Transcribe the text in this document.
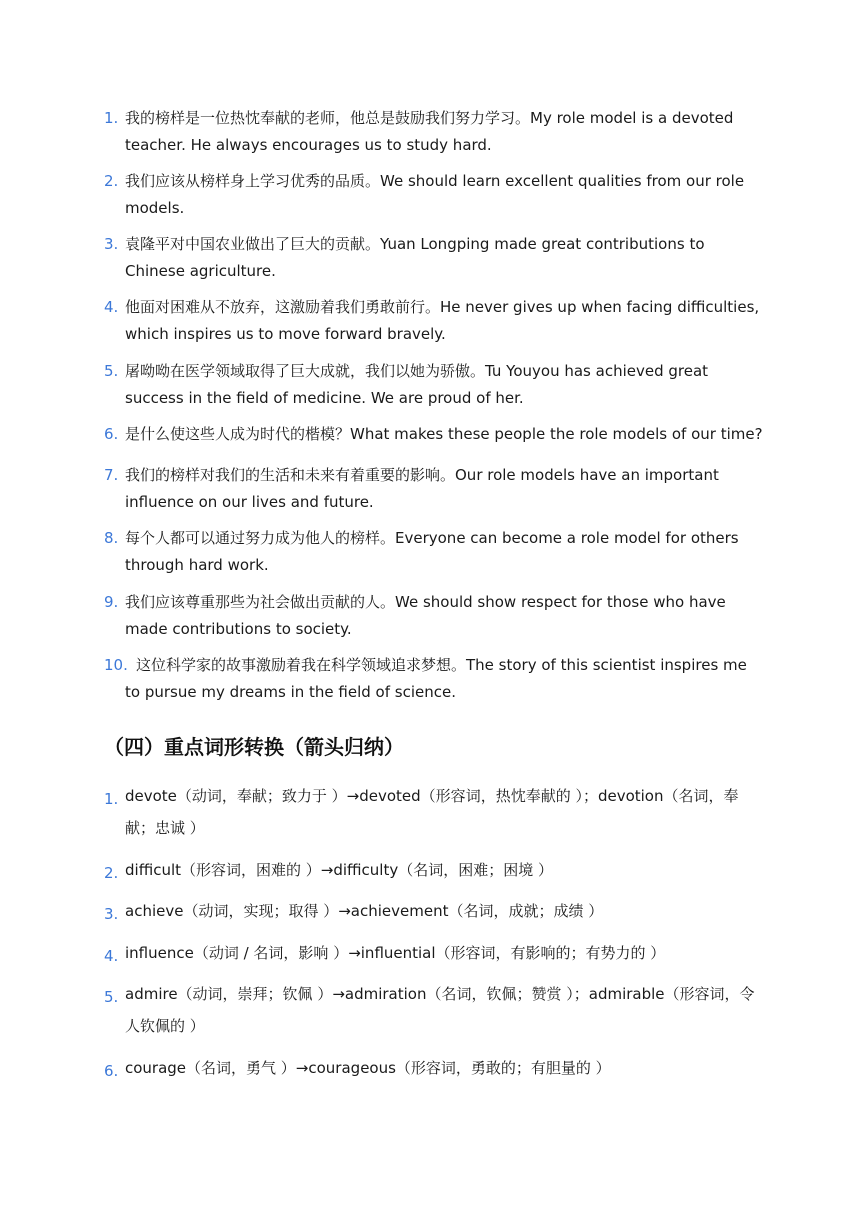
1. 我的榜样是一位热忱奉献的老师，他总是鼓励我们努力学习。My role model is a devoted teacher. He always encourages us to study hard.
2. 我们应该从榜样身上学习优秀的品质。We should learn excellent qualities from our role models.
3. 袁隆平对中国农业做出了巨大的贡献。Yuan Longping made great contributions to Chinese agriculture.
4. 他面对困难从不放弃，这激励着我们勇敢前行。He never gives up when facing difficulties, which inspires us to move forward bravely.
5. 屠呦呦在医学领域取得了巨大成就，我们以她为骄傲。Tu Youyou has achieved great success in the field of medicine. We are proud of her.
6. 是什么使这些人成为时代的楷模？What makes these people the role models of our time?
7. 我们的榜样对我们的生活和未来有着重要的影响。Our role models have an important influence on our lives and future.
8. 每个人都可以通过努力成为他人的榜样。Everyone can become a role model for others through hard work.
9. 我们应该尊重那些为社会做出贡献的人。We should show respect for those who have made contributions to society.
10. 这位科学家的故事激励着我在科学领域追求梦想。The story of this scientist inspires me to pursue my dreams in the field of science.
（四）重点词形转换（箭头归纳）
1. devote（动词，奉献；致力于 ）→devoted（形容词，热忱奉献的 ）；devotion（名词，奉献；忠诚 ）
2. difficult（形容词，困难的 ）→difficulty（名词，困难；困境 ）
3. achieve（动词，实现；取得 ）→achievement（名词，成就；成绩 ）
4. influence（动词 / 名词，影响 ）→influential（形容词，有影响的；有势力的 ）
5. admire（动词，崇拜；钦佩 ）→admiration（名词，钦佩；赞赏 ）；admirable（形容词，令人钦佩的 ）
6. courage（名词，勇气 ）→courageous（形容词，勇敢的；有胆量的 ）
